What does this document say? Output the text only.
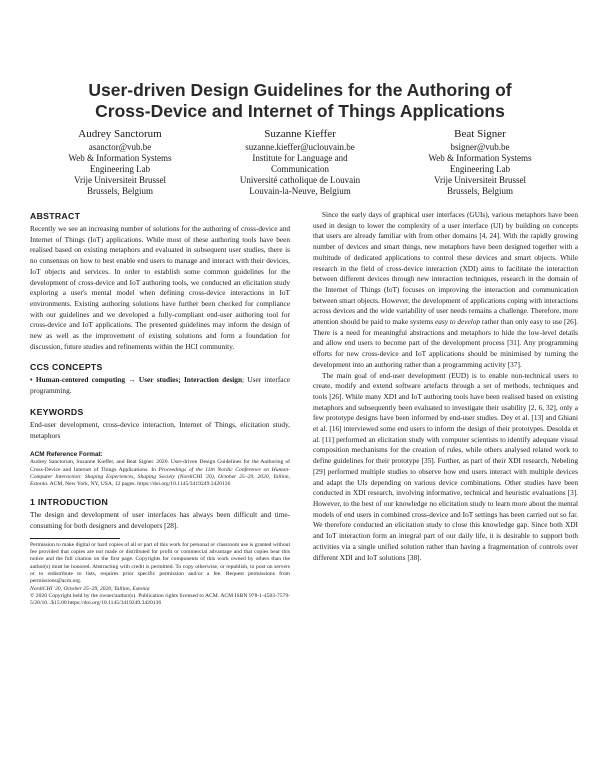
User-driven Design Guidelines for the Authoring of
Cross-Device and Internet of Things Applications
Audrey Sanctorum
asanctor@vub.be
Web & Information Systems
Engineering Lab
Vrije Universiteit Brussel
Brussels, Belgium
Suzanne Kieffer
suzanne.kieffer@uclouvain.be
Institute for Language and
Communication
Université catholique de Louvain
Louvain-la-Neuve, Belgium
Beat Signer
bsigner@vub.be
Web & Information Systems
Engineering Lab
Vrije Universiteit Brussel
Brussels, Belgium
ABSTRACT

Recently we see an increasing number of solutions for the authoring of cross-device and Internet of Things (IoT) applications. While most of these authoring tools have been realised based on existing metaphors and evaluated in subsequent user studies, there is no consensus on how to best enable end users to manage and interact with their devices, IoT objects and services. In order to establish some common guidelines for the development of cross-device and IoT authoring tools, we conducted an elicitation study exploring a user's mental model when defining cross-device interactions in IoT environments. Existing authoring solutions have further been checked for compliance with our guidelines and we developed a fully-compliant end-user authoring tool for cross-device and IoT applications. The presented guidelines may inform the design of new as well as the improvement of existing solutions and form a foundation for discussion, future studies and refinements within the HCI community.

CCS CONCEPTS

• Human-centered computing → User studies; Interaction design; User interface programming.

KEYWORDS

End-user development, cross-device interaction, Internet of Things, elicitation study, metaphors

ACM Reference Format:

Audrey Sanctorum, Suzanne Kieffer, and Beat Signer. 2020. User-driven Design Guidelines for the Authoring of Cross-Device and Internet of Things Applications. In Proceedings of the 11th Nordic Conference on Human-Computer Interaction: Shaping Experiences, Shaping Society (NordiCHI '20), October 25–29, 2020, Tallinn, Estonia. ACM, New York, NY, USA, 12 pages. https://doi.org/10.1145/3419249.3420136

1 INTRODUCTION

The design and development of user interfaces has always been difficult and time-consuming for both designers and developers [28].

Permission to make digital or hard copies of all or part of this work for personal or classroom use is granted without fee provided that copies are not made or distributed for profit or commercial advantage and that copies bear this notice and the full citation on the first page. Copyrights for components of this work owned by others than the author(s) must be honored. Abstracting with credit is permitted. To copy otherwise, or republish, to post on servers or to redistribute to lists, requires prior specific permission and/or a fee. Request permissions from permissions@acm.org.

NordiCHI '20, October 25–29, 2020, Tallinn, Estonia

© 2020 Copyright held by the owner/author(s). Publication rights licensed to ACM. ACM ISBN 978-1-4503-7579-5/20/10...$15.00 https://doi.org/10.1145/3419249.3420136

Since the early days of graphical user interfaces (GUIs), various metaphors have been used in design to lower the complexity of a user interface (UI) by building on concepts that users are already familiar with from other domains [4, 24]. With the rapidly growing number of devices and smart things, new metaphors have been designed together with a multitude of dedicated applications to control these devices and smart objects. While research in the field of cross-device interaction (XDI) aims to facilitate the interaction between different devices through new interaction techniques, research in the domain of the Internet of Things (IoT) focuses on improving the interaction and communication between smart objects. However, the development of applications coping with interactions across devices and the wide variability of user needs remains a challenge. Therefore, more attention should be paid to make systems easy to develop rather than only easy to use [26]. There is a need for meaningful abstractions and metaphors to hide the low-level details and allow end users to become part of the development process [31]. Any programming efforts for new cross-device and IoT applications should be minimised by turning the development into an authoring rather than a programming activity [37].

The main goal of end-user development (EUD) is to enable non-technical users to create, modify and extend software artefacts through a set of methods, techniques and tools [26]. While many XDI and IoT authoring tools have been realised based on existing metaphors and subsequently been evaluated to investigate their usability [2, 6, 32], only a few prototype designs have been informed by end-user studies. Dey et al. [13] and Ghiani et al. [16] interviewed some end users to inform the design of their prototypes. Desolda et al. [11] performed an elicitation study with computer scientists to identify adequate visual composition mechanisms for the creation of rules, while others analysed related work to define guidelines for their prototype [35]. Further, as part of their XDI research, Nebeling [29] performed multiple studies to observe how end users interact with multiple devices and adapt the UIs depending on various device combinations. Other studies have been conducted in XDI research, involving informative, technical and heuristic evaluations [3]. However, to the best of our knowledge no elicitation study to learn more about the mental models of end users in combined cross-device and IoT settings has been carried out so far. We therefore conducted an elicitation study to close this knowledge gap. Since both XDI and IoT interaction form an integral part of our daily life, it is desirable to support both activities via a single unified solution rather than having a fragmentation of controls over different XDI and IoT solutions [38].
